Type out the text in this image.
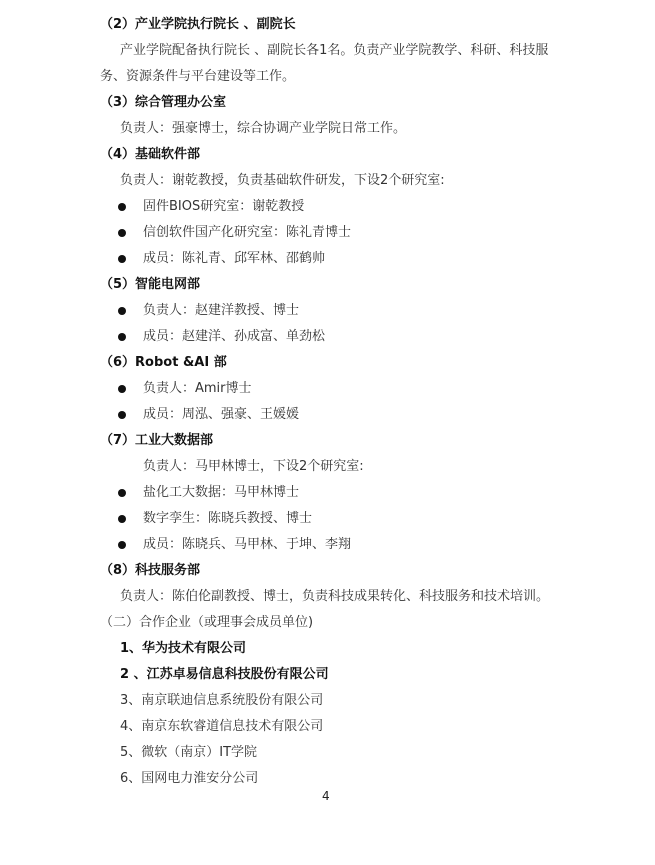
（2）产业学院执行院长 、副院长
产业学院配备执行院长 、副院长各1名。负责产业学院教学、科研、科技服
务、资源条件与平台建设等工作。
（3）综合管理办公室
负责人：强豪博士，综合协调产业学院日常工作。
（4）基础软件部
负责人：谢乾教授，负责基础软件研发，下设2个研究室:
固件BIOS研究室：谢乾教授
信创软件国产化研究室：陈礼青博士
成员：陈礼青、邱军林、邵鹤帅
（5）智能电网部
负责人：赵建洋教授、博士
成员：赵建洋、孙成富、单劲松
（6）Robot &AI 部
负责人：Amir博士
成员：周泓、强豪、王媛媛
（7）工业大数据部
负责人：马甲林博士，下设2个研究室:
盐化工大数据：马甲林博士
数字孪生：陈晓兵教授、博士
成员：陈晓兵、马甲林、于坤、李翔
（8）科技服务部
负责人：陈伯伦副教授、博士，负责科技成果转化、科技服务和技术培训。
（二）合作企业（或理事会成员单位)
1、华为技术有限公司
2 、江苏卓易信息科技股份有限公司
3、南京联迪信息系统股份有限公司
4、南京东软睿道信息技术有限公司
5、微软（南京）IT学院
6、国网电力淮安分公司
4
